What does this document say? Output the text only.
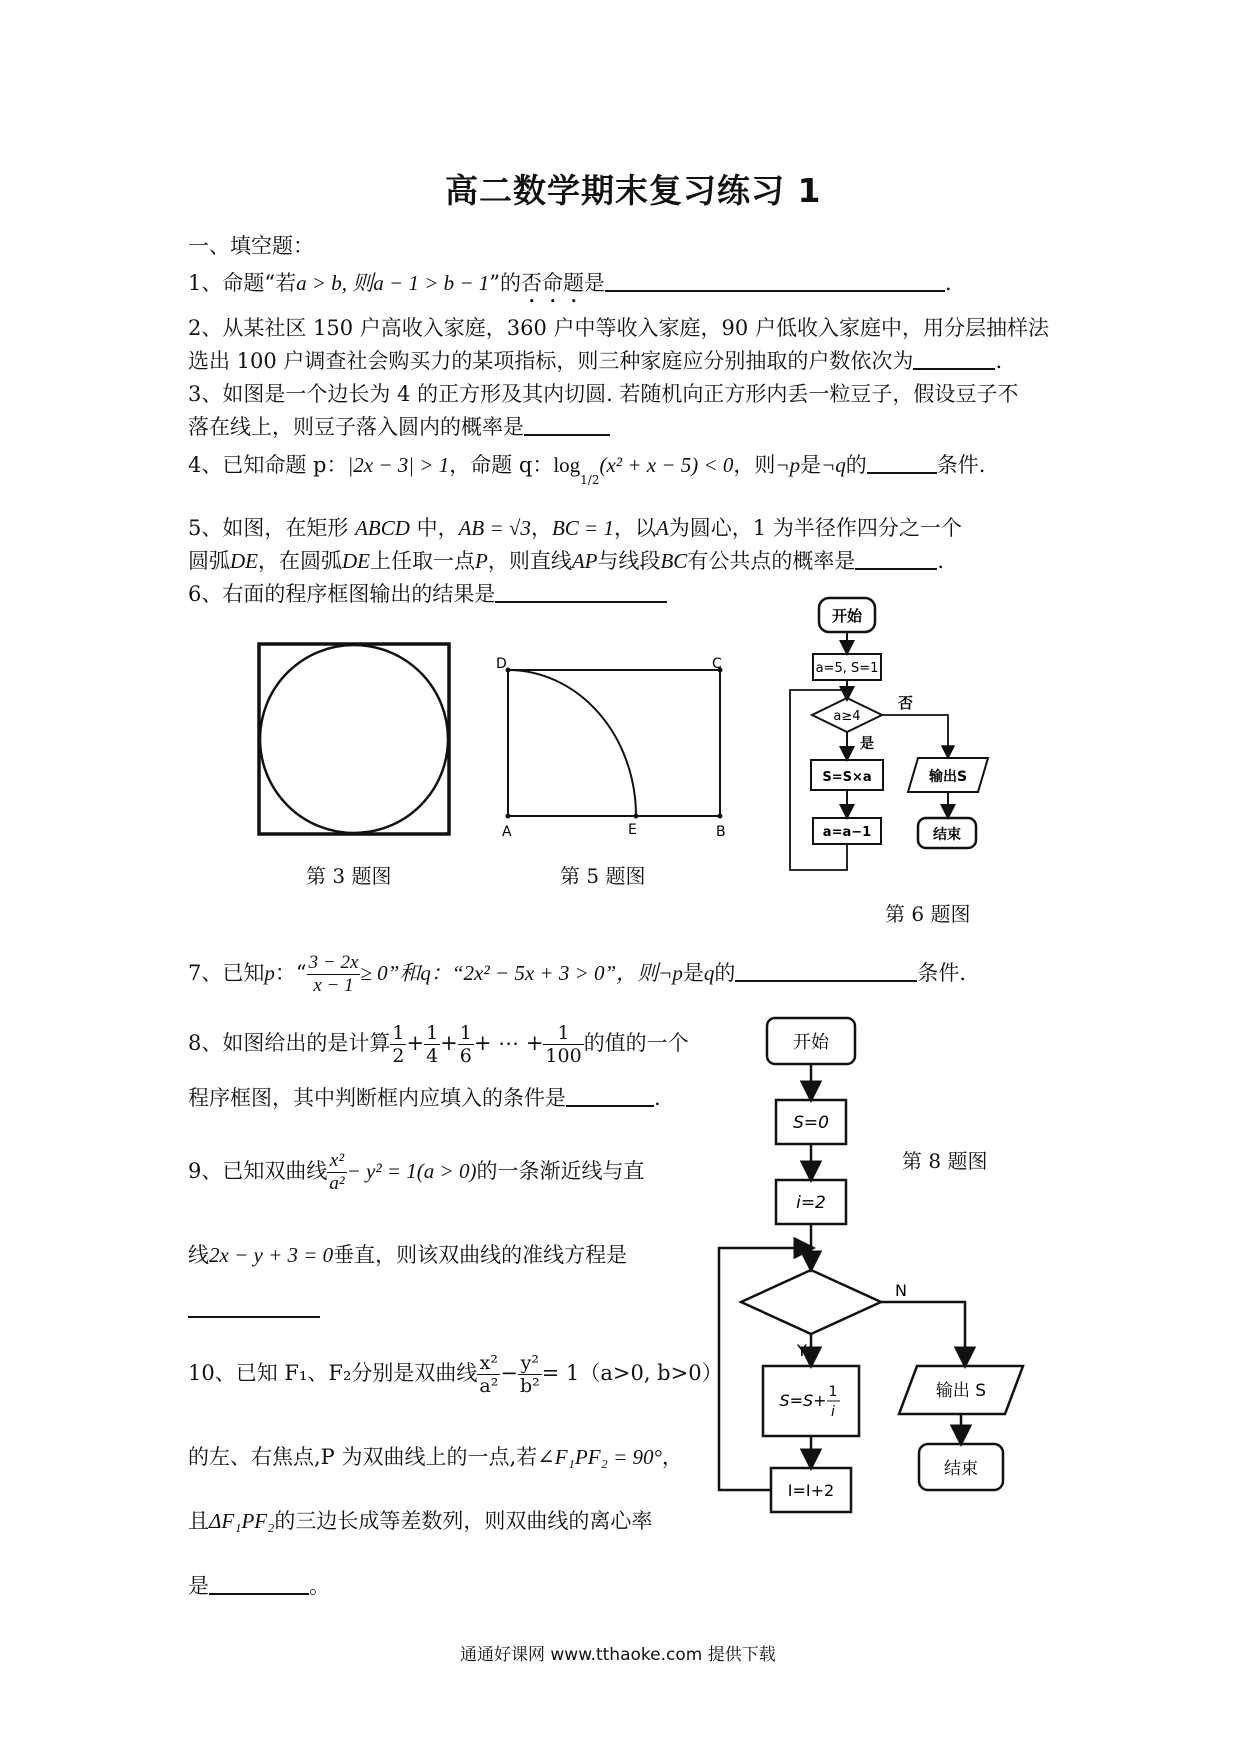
高二数学期末复习练习 1
一、填空题：
1、命题“若a > b, 则a − 1 > b − 1”的否命题是	.
2、从某社区 150 户高收入家庭，360 户中等收入家庭，90 户低收入家庭中，用分层抽样法
选出 100 户调查社会购买力的某项指标，则三种家庭应分别抽取的户数依次为	.
3、如图是一个边长为 4 的正方形及其内切圆. 若随机向正方形内丢一粒豆子，假设豆子不
落在线上，则豆子落入圆内的概率是
4、已知命题 p：|2x − 3| > 1，命题 q：$\log_{1/2}(x^2 + x - 5) < 0$，则¬p是¬q的	条件.
5、如图，在矩形 ABCD 中，AB = √3，BC = 1，以A为圆心，1 为半径作四分之一个
圆弧DE，在圆弧DE上任取一点P，则直线AP与线段BC有公共点的概率是	.
6、右面的程序框图输出的结果是
第 3 题图
D	C
A	E	B
第 5 题图
开始
a=5, S=1
a≥4
是
否
S=S×a
a=a−1
输出S
结束
第 6 题图
7、已知p：“ $\frac{3 - 2x}{x - 1} \ge 0$”和q：“2x² − 5x + 3 > 0”，则¬p是q的	条件.
8、如图给出的是计算 $\frac{1}{2} + \frac{1}{4} + \frac{1}{6}$ + ⋯ + $\frac{1}{100}$ 的值的一个
程序框图，其中判断框内应填入的条件是	.
9、已知双曲线 $\frac{\text{x²}}{\text{a²}} - y^2 = 1(a > 0)$的一条渐近线与直
线2x − y + 3 = 0垂直，则该双曲线的准线方程是
10、已知 F₁、F₂分别是双曲线 $\frac{\text{x²}}{\text{a²}} - \frac{\text{y²}}{\text{b²}} = 1(a>0$, b>0）
的左、右焦点,P 为双曲线上的一点,若∠F₁PF₂ = 90°，
且ΔF₁PF₂的三边长成等差数列，则双曲线的离心率
是	。
开始
S=0
i=2
Y
N
S=S+ 1
i
I=I+2
输出 S
结束
第 8 题图
通通好课网 www.tthaoke.com 提供下载
